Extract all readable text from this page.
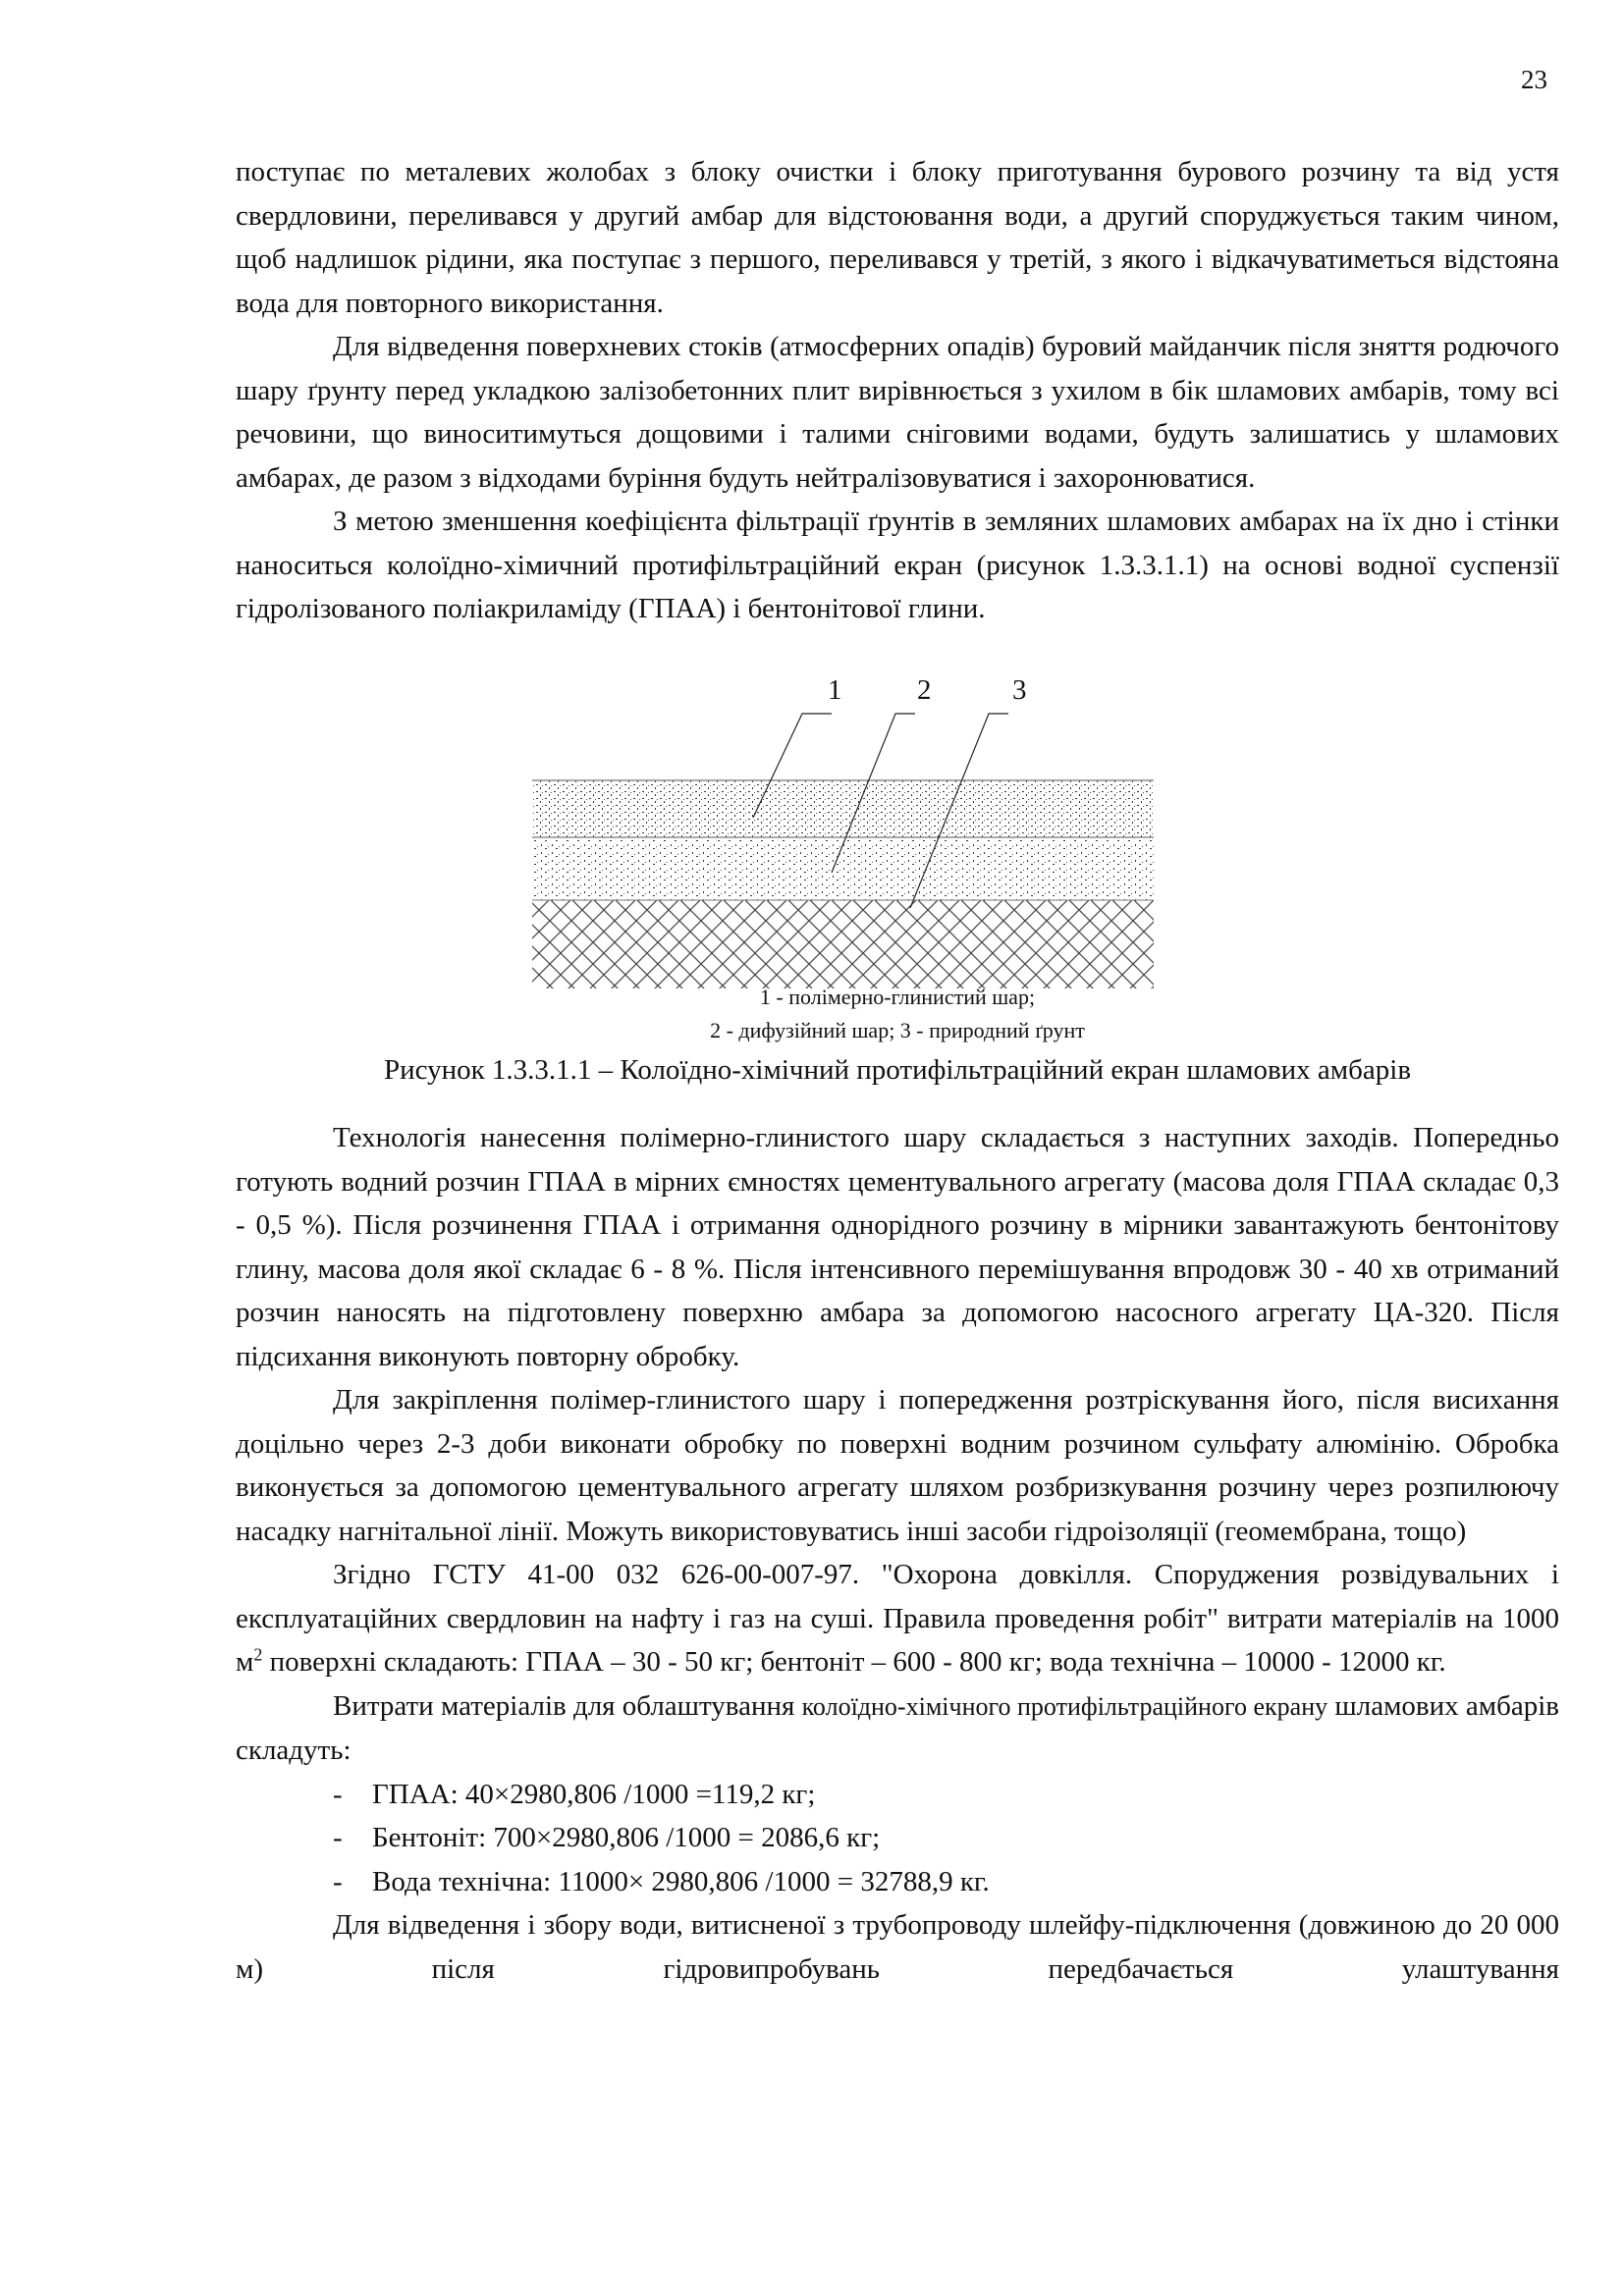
23

поступає по металевих жолобах з блоку очистки і блоку приготування бурового розчину та від устя свердловини, переливався у другий амбар для відстоювання води, а другий споруджується таким чином, щоб надлишок рідини, яка поступає з першого, переливався у третій, з якого і відкачуватиметься відстояна вода для повторного використання.

Для відведення поверхневих стоків (атмосферних опадів) буровий майданчик після зняття родючого шару ґрунту перед укладкою залізобетонних плит вирівнюється з ухилом в бік шламових амбарів, тому всі речовини, що виноситимуться дощовими і талими сніговими водами, будуть залишатись у шламових амбарах, де разом з відходами буріння будуть нейтралізовуватися і захоронюватися.

З метою зменшення коефіцієнта фільтрації ґрунтів в земляних шламових амбарах на їх дно і стінки наноситься колоїдно-хімичний протифільтраційний екран (рисунок 1.3.3.1.1) на основі водної суспензії гідролізованого поліакриламіду (ГПАА) і бентонітової глини.

1	2	3
1 - полімерно-глинистий шар;
2 - дифузійний шар; 3 - природний ґрунт
Рисунок 1.3.3.1.1 – Колоїдно-хімічний протифільтраційний екран шламових амбарів

Технологія нанесення полімерно-глинистого шару складається з наступних заходів. Попередньо готують водний розчин ГПАА в мірних ємностях цементувального агрегату (масова доля ГПАА складає 0,3 - 0,5 %). Після розчинення ГПАА і отримання однорідного розчину в мірники завантажують бентонітову глину, масова доля якої складає 6 - 8 %. Після інтенсивного перемішування впродовж 30 - 40 хв отриманий розчин наносять на підготовлену поверхню амбара за допомогою насосного агрегату ЦА-320. Після підсихання виконують повторну обробку.

Для закріплення полімер-глинистого шару і попередження розтріскування його, після висихання доцільно через 2-3 доби виконати обробку по поверхні водним розчином сульфату алюмінію. Обробка виконується за допомогою цементувального агрегату шляхом розбризкування розчину через розпилюючу насадку нагнітальної лінії. Можуть використовуватись інші засоби гідроізоляції (геомембрана, тощо)

Згідно ГСТУ 41-00 032 626-00-007-97. "Охорона довкілля. Споруджения розвідувальних і експлуатаційних свердловин на нафту і газ на суші. Правила проведення робіт" витрати матеріалів на 1000 $м^2$ поверхні складають: ГПАА – 30 - 50 кг; бентоніт – 600 - 800 кг; вода технічна – 10000 - 12000 кг.

Витрати матеріалів для облаштування колоїдно-хімічного протифільтраційного екрану шламових амбарів складуть:

- ГПАА: 40×2980,806 /1000 =119,2 кг;

- Бентоніт: 700×2980,806 /1000 = 2086,6 кг;

- Вода технічна: 11000× 2980,806 /1000 = 32788,9 кг.

Для відведення і збору води, витисненої з трубопроводу шлейфу-підключення (довжиною до 20 000 м) після гідровипробувань передбачається улаштування
